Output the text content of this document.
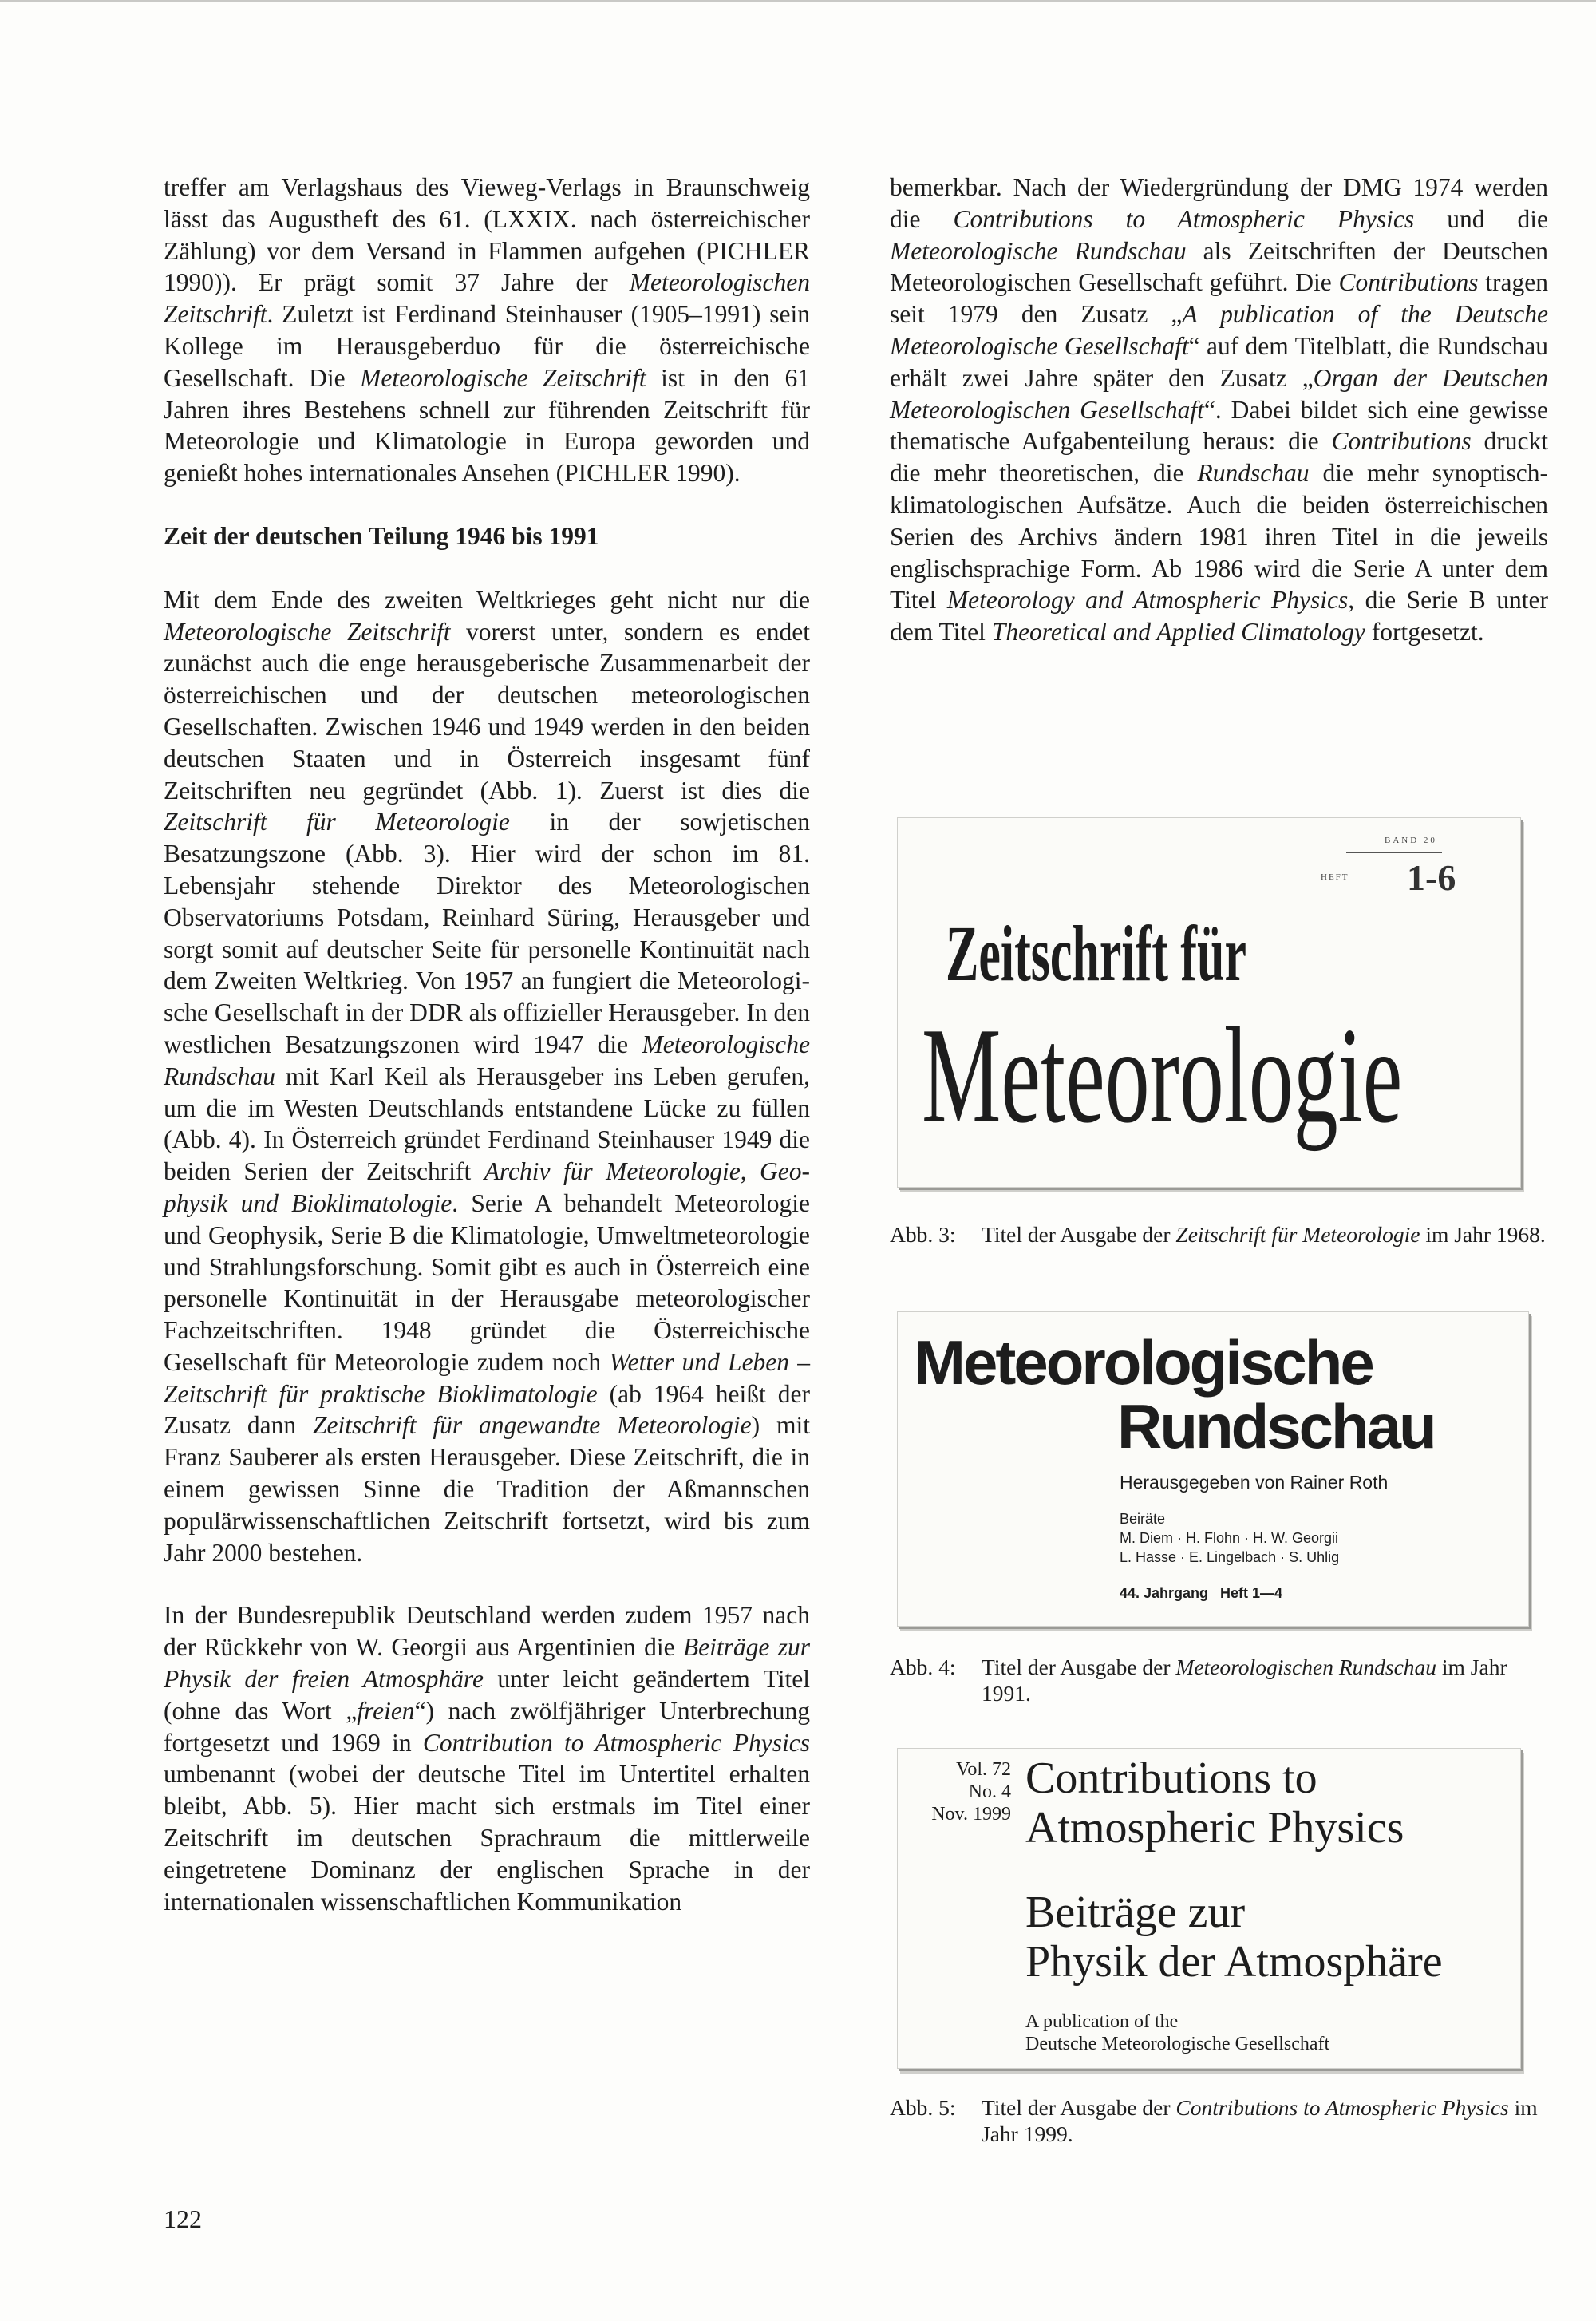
treffer am Verlagshaus des Vieweg-Verlags in Braunschweig lässt das Augustheft des 61. (LXXIX. nach österreichischer Zählung) vor dem Versand in Flammen aufgehen (PICHLER 1990)). Er prägt somit 37 Jahre der Meteorologischen Zeitschrift. Zuletzt ist Ferdinand Steinhauser (1905–1991) sein Kollege im Herausgeberduo für die österreichische Gesellschaft. Die Meteorologische Zeitschrift ist in den 61 Jahren ihres Bestehens schnell zur führenden Zeitschrift für Meteorologie und Klimatologie in Europa geworden und genießt hohes internationales Ansehen (PICHLER 1990).

Zeit der deutschen Teilung 1946 bis 1991

Mit dem Ende des zweiten Weltkrieges geht nicht nur die Meteorologische Zeitschrift vorerst unter, sondern es endet zunächst auch die enge herausgeberische Zusammenarbeit der österreichischen und der deutschen meteorologischen Gesellschaften. Zwischen 1946 und 1949 werden in den beiden deutschen Staaten und in Österreich insgesamt fünf Zeitschriften neu gegründet (Abb. 1). Zuerst ist dies die Zeitschrift für Meteorologie in der sowjetischen Besatzungszone (Abb. 3). Hier wird der schon im 81. Lebensjahr stehende Direktor des Meteorologischen Observatoriums Potsdam, Reinhard Süring, Herausgeber und sorgt somit auf deutscher Seite für personelle Kontinuität nach dem Zweiten Weltkrieg. Von 1957 an fungiert die Meteorologische Gesellschaft in der DDR als offizieller Herausgeber. In den westlichen Besatzungszonen wird 1947 die Meteorologische Rundschau mit Karl Keil als Herausgeber ins Leben gerufen, um die im Westen Deutschlands entstandene Lücke zu füllen (Abb. 4). In Österreich gründet Ferdinand Steinhauser 1949 die beiden Serien der Zeitschrift Archiv für Meteorologie, Geophysik und Bioklimatologie. Serie A behandelt Meteorologie und Geophysik, Serie B die Klimatologie, Umweltmeteorologie und Strahlungsforschung. Somit gibt es auch in Österreich eine personelle Kontinuität in der Herausgabe meteorologischer Fachzeitschriften. 1948 gründet die Österreichische Gesellschaft für Meteorologie zudem noch Wetter und Leben – Zeitschrift für praktische Bioklimatologie (ab 1964 heißt der Zusatz dann Zeitschrift für angewandte Meteorologie) mit Franz Sauberer als ersten Herausgeber. Diese Zeitschrift, die in einem gewissen Sinne die Tradition der Aßmannschen populärwissenschaftlichen Zeitschrift fortsetzt, wird bis zum Jahr 2000 bestehen.

In der Bundesrepublik Deutschland werden zudem 1957 nach der Rückkehr von W. Georgii aus Argentinien die Beiträge zur Physik der freien Atmosphäre unter leicht geändertem Titel (ohne das Wort „freien“) nach zwölfjähriger Unterbrechung fortgesetzt und 1969 in Contribution to Atmospheric Physics umbenannt (wobei der deutsche Titel im Untertitel erhalten bleibt, Abb. 5). Hier macht sich erstmals im Titel einer Zeitschrift im deutschen Sprachraum die mittlerweile eingetretene Dominanz der englischen Sprache in der internationalen wissenschaftlichen Kommunikation

bemerkbar. Nach der Wiedergründung der DMG 1974 werden die Contributions to Atmospheric Physics und die Meteorologische Rundschau als Zeitschriften der Deutschen Meteorologischen Gesellschaft geführt. Die Contributions tragen seit 1979 den Zusatz „A publication of the Deutsche Meteorologische Gesellschaft“ auf dem Titelblatt, die Rundschau erhält zwei Jahre später den Zusatz „Organ der Deutschen Meteorologischen Gesellschaft“. Dabei bildet sich eine gewisse thematische Aufgabenteilung heraus: die Contributions druckt die mehr theoretischen, die Rundschau die mehr synoptisch-klimatologischen Aufsätze. Auch die beiden österreichischen Serien des Archivs ändern 1981 ihren Titel in die jeweils englischsprachige Form. Ab 1986 wird die Serie A unter dem Titel Meteorology and Atmospheric Physics, die Serie B unter dem Titel Theoretical and Applied Climatology fortgesetzt.

BAND 20
HEFT 1-6
Zeitschrift für
Meteorologie
Abb. 3:	Titel der Ausgabe der Zeitschrift für Meteorologie im Jahr 1968.
Meteorologische
Rundschau
Herausgegeben von Rainer Roth
Beiräte
M. Diem · H. Flohn · H. W. Georgii
L. Hasse · E. Lingelbach · S. Uhlig
44. Jahrgang   Heft 1—4
Abb. 4:	Titel der Ausgabe der Meteorologischen Rundschau im Jahr 1991.
Vol. 72
No. 4
Nov. 1999
Contributions to
Atmospheric Physics
Beiträge zur
Physik der Atmosphäre
A publication of the
Deutsche Meteorologische Gesellschaft
Abb. 5:	Titel der Ausgabe der Contributions to Atmospheric Physics im Jahr 1999.
122
